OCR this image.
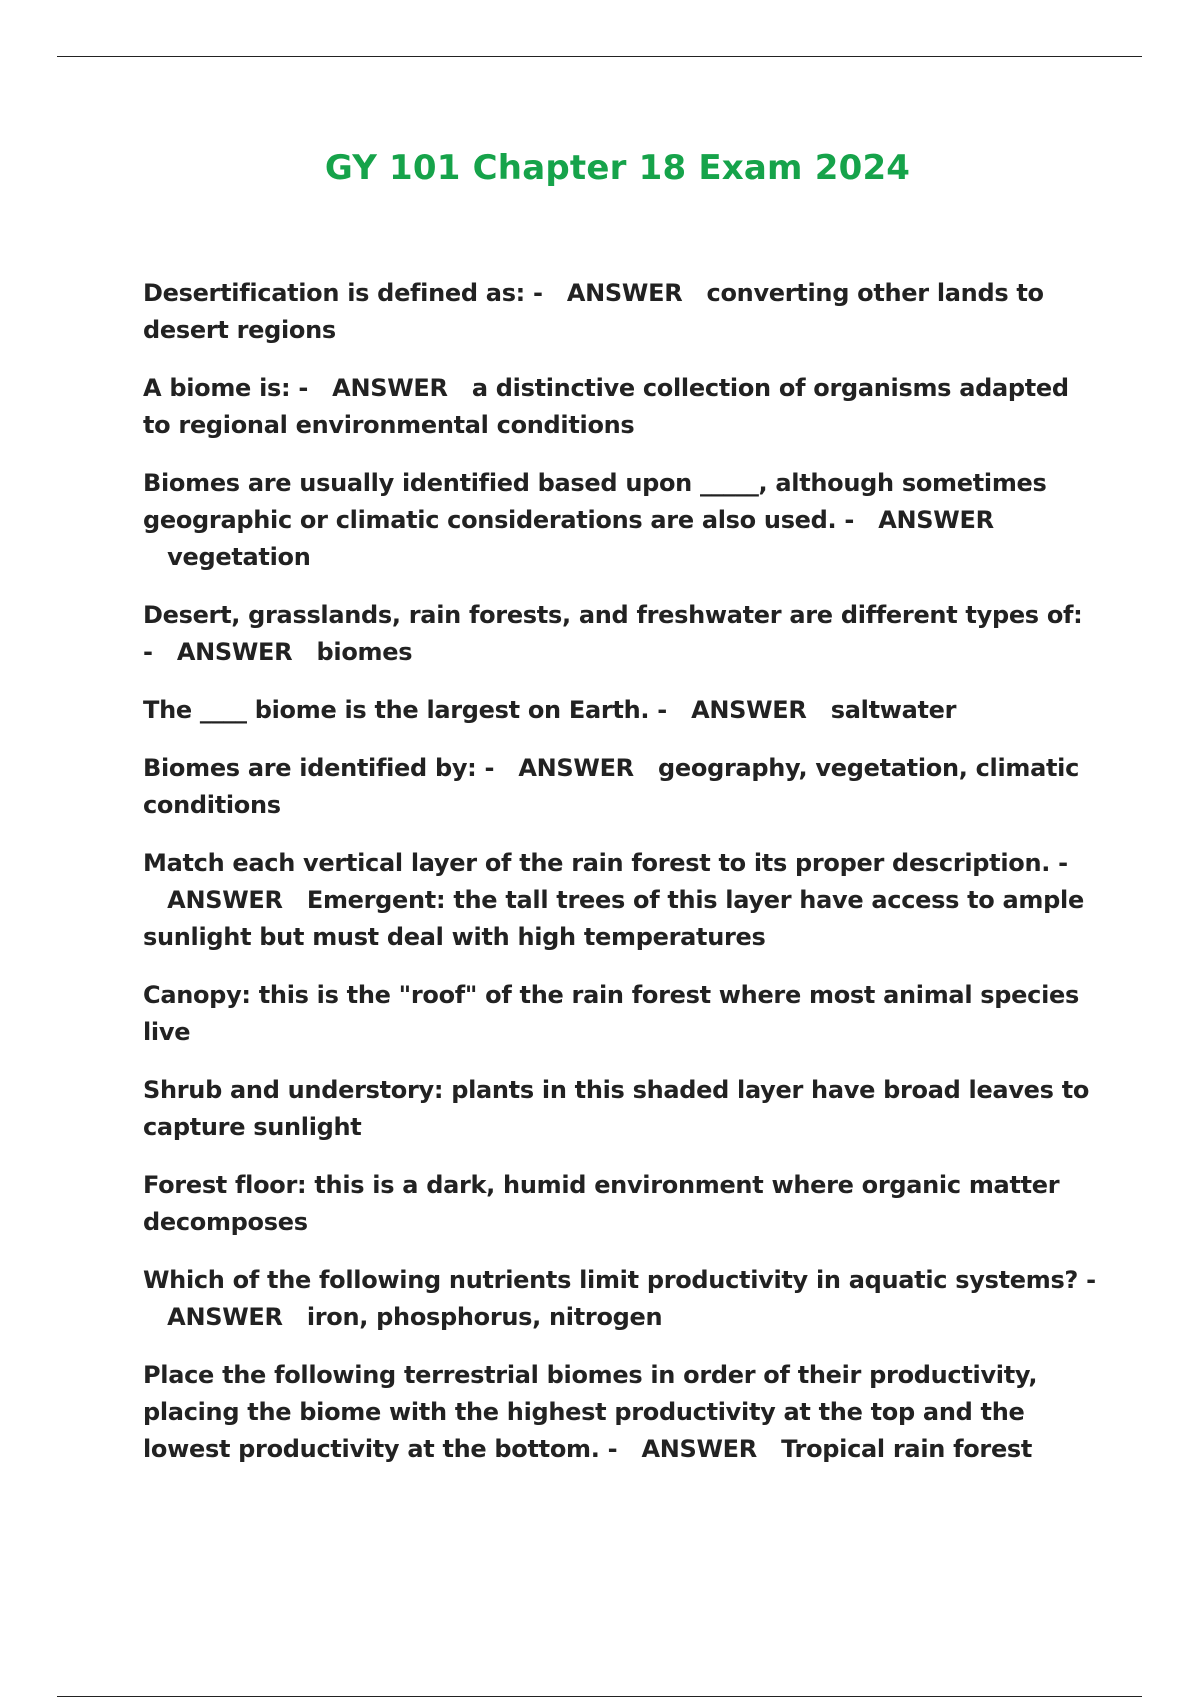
GY 101 Chapter 18 Exam 2024

Desertification is defined as: - ANSWER converting other lands to desert regions

A biome is: - ANSWER a distinctive collection of organisms adapted to regional environmental conditions

Biomes are usually identified based upon _____, although sometimes geographic or climatic considerations are also used. - ANSWER   vegetation

Desert, grasslands, rain forests, and freshwater are different types of: - ANSWER biomes

The ____ biome is the largest on Earth. - ANSWER saltwater

Biomes are identified by: - ANSWER geography, vegetation, climatic conditions

Match each vertical layer of the rain forest to its proper description. -   ANSWER Emergent: the tall trees of this layer have access to ample sunlight but must deal with high temperatures

Canopy: this is the "roof" of the rain forest where most animal species live

Shrub and understory: plants in this shaded layer have broad leaves to capture sunlight

Forest floor: this is a dark, humid environment where organic matter decomposes

Which of the following nutrients limit productivity in aquatic systems? -   ANSWER iron, phosphorus, nitrogen

Place the following terrestrial biomes in order of their productivity, placing the biome with the highest productivity at the top and the lowest productivity at the bottom. - ANSWER Tropical rain forest
